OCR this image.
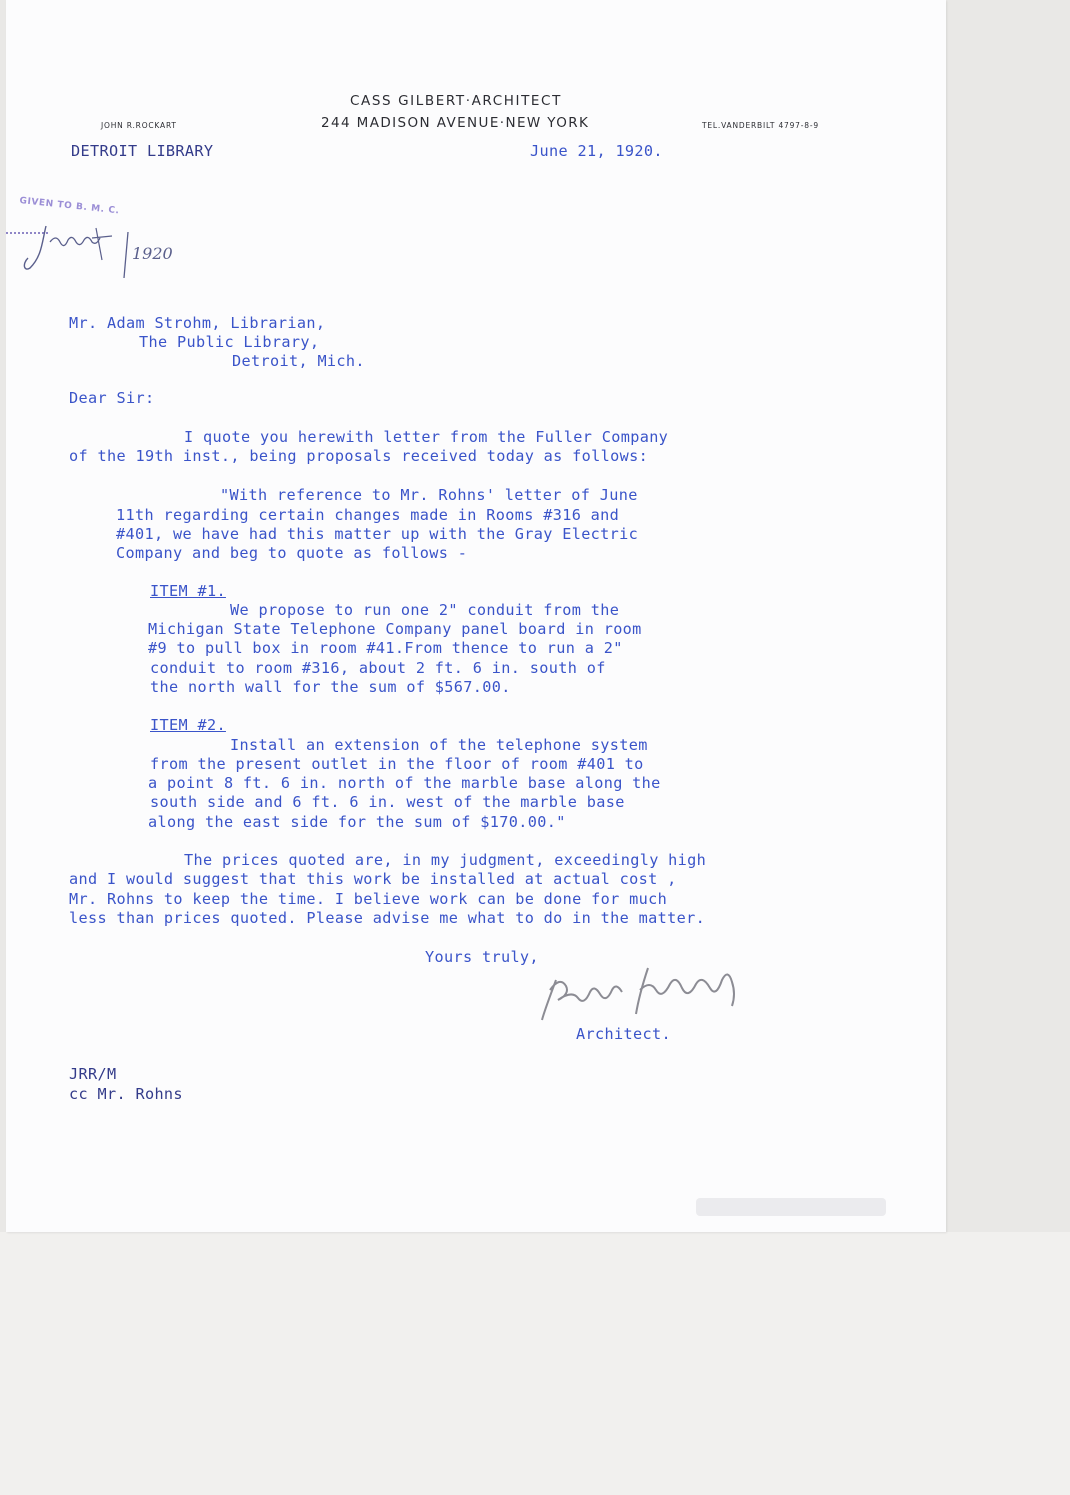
CASS GILBERT·ARCHITECT
244 MADISON AVENUE·NEW YORK
JOHN R.ROCKART	TEL.VANDERBILT 4797-8-9
DETROIT LIBRARY	June 21, 1920.
GIVEN TO B. M. C.
1920
Mr. Adam Strohm, Librarian,
The Public Library,
Detroit, Mich.
Dear Sir:
I quote you herewith letter from the Fuller Company
of the 19th inst., being proposals received today as follows:
"With reference to Mr. Rohns' letter of June
11th regarding certain changes made in Rooms #316 and
#401, we have had this matter up with the Gray Electric
Company and beg to quote as follows -
ITEM #1.
We propose to run one 2" conduit from the
Michigan State Telephone Company panel board in room
#9 to pull box in room #41.From thence to run a 2"
conduit to room #316, about 2 ft. 6 in. south of
the north wall for the sum of $567.00.
ITEM #2.
Install an extension of the telephone system
from the present outlet in the floor of room #401 to
a point 8 ft. 6 in. north of the marble base along the
south side and 6 ft. 6 in. west of the marble base
along the east side for the sum of $170.00."
The prices quoted are, in my judgment, exceedingly high
and I would suggest that this work be installed at actual cost ,
Mr. Rohns to keep the time. I believe work can be done for much
less than prices quoted. Please advise me what to do in the matter.
Yours truly,
Architect.
JRR/M
cc Mr. Rohns
